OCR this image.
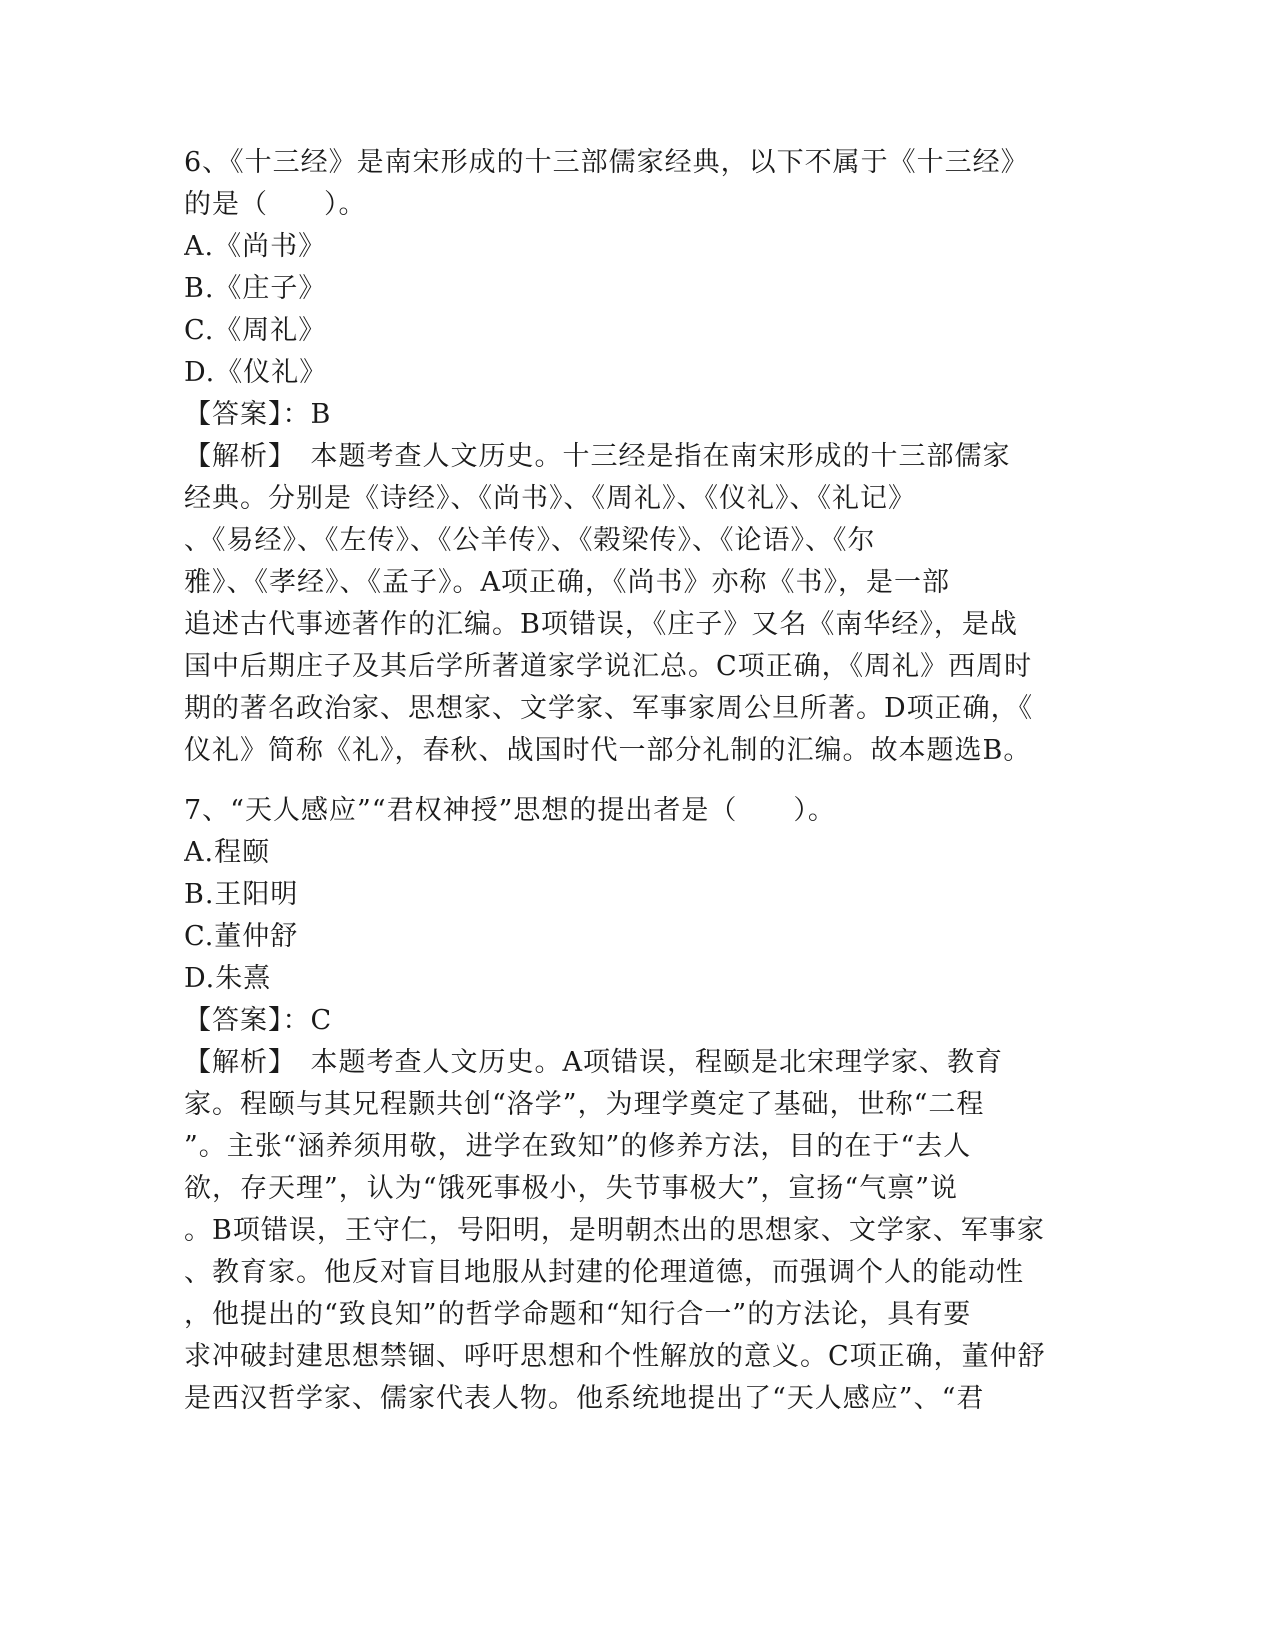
6、《十三经》是南宋形成的十三部儒家经典，以下不属于《十三经》
的是（　　）。
A.《尚书》
B.《庄子》
C.《周礼》
D.《仪礼》
【答案】：B
【解析】　本题考查人文历史。十三经是指在南宋形成的十三部儒家
经典。分别是《诗经》、《尚书》、《周礼》、《仪礼》、《礼记》
、《易经》、《左传》、《公羊传》、《榖梁传》、《论语》、《尔
雅》、《孝经》、《孟子》。A项正确，《尚书》亦称《书》，是一部
追述古代事迹著作的汇编。B项错误，《庄子》又名《南华经》，是战
国中后期庄子及其后学所著道家学说汇总。C项正确，《周礼》西周时
期的著名政治家、思想家、文学家、军事家周公旦所著。D项正确，《
仪礼》简称《礼》，春秋、战国时代一部分礼制的汇编。故本题选B。
7、“天人感应”“君权神授”思想的提出者是（　　）。
A.程颐
B.王阳明
C.董仲舒
D.朱熹
【答案】：C
【解析】　本题考查人文历史。A项错误，程颐是北宋理学家、教育
家。程颐与其兄程颢共创“洛学”，为理学奠定了基础，世称“二程
”。主张“涵养须用敬，进学在致知”的修养方法，目的在于“去人
欲，存天理”，认为“饿死事极小，失节事极大”，宣扬“气禀”说
。B项错误，王守仁，号阳明，是明朝杰出的思想家、文学家、军事家
、教育家。他反对盲目地服从封建的伦理道德，而强调个人的能动性
，他提出的“致良知”的哲学命题和“知行合一”的方法论，具有要
求冲破封建思想禁锢、呼吁思想和个性解放的意义。C项正确，董仲舒
是西汉哲学家、儒家代表人物。他系统地提出了“天人感应”、“君
